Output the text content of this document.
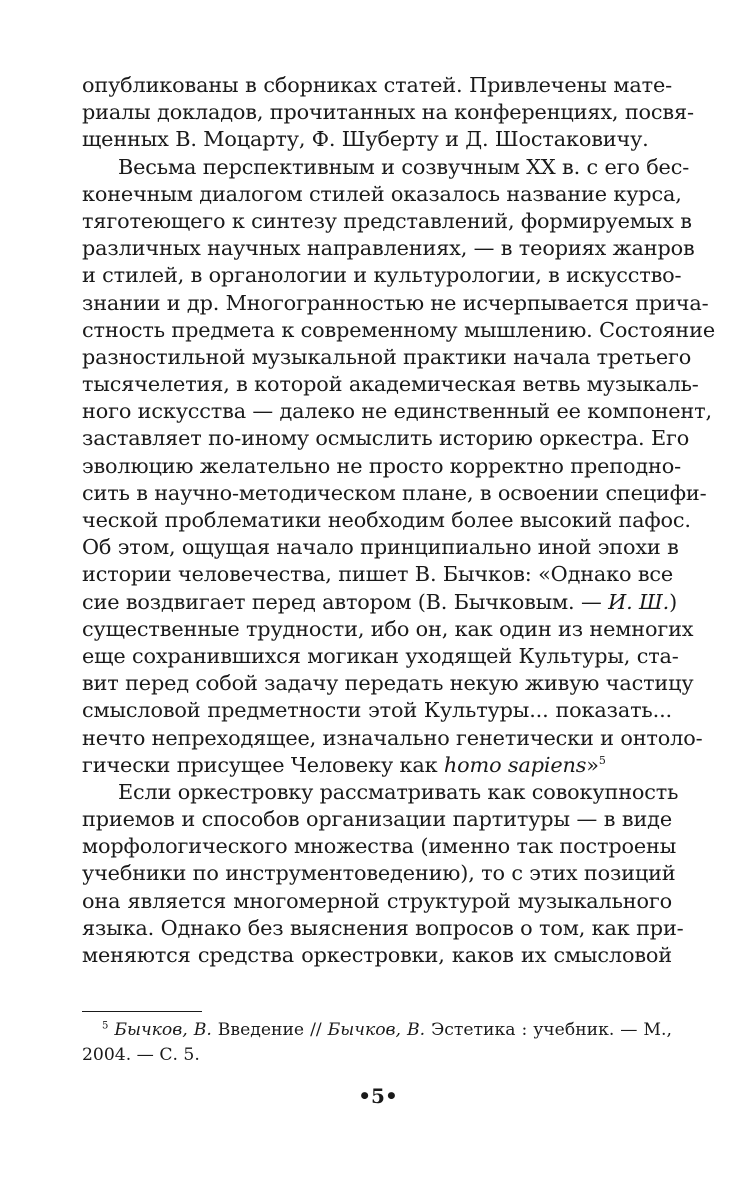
опубликованы в сборниках статей. Привлечены мате-
риалы докладов, прочитанных на конференциях, посвя-
щенных В. Моцарту, Ф. Шуберту и Д. Шостаковичу.
Весьма перспективным и созвучным XX в. с его бес-
конечным диалогом стилей оказалось название курса,
тяготеющего к синтезу представлений, формируемых в
различных научных направлениях, — в теориях жанров
и стилей, в органологии и культурологии, в искусство-
знании и др. Многогранностью не исчерпывается прича-
стность предмета к современному мышлению. Состояние
разностильной музыкальной практики начала третьего
тысячелетия, в которой академическая ветвь музыкаль-
ного искусства — далеко не единственный ее компонент,
заставляет по-иному осмыслить историю оркестра. Его
эволюцию желательно не просто корректно преподно-
сить в научно-методическом плане, в освоении специфи-
ческой проблематики необходим более высокий пафос.
Об этом, ощущая начало принципиально иной эпохи в
истории человечества, пишет В. Бычков: «Однако все
сие воздвигает перед автором (В. Бычковым. — И. Ш.)
существенные трудности, ибо он, как один из немногих
еще сохранившихся могикан уходящей Культуры, ста-
вит перед собой задачу передать некую живую частицу
смысловой предметности этой Культуры... показать...
нечто непреходящее, изначально генетически и онтоло-
гически присущее Человеку как homo sapiens»$^5$
Если оркестровку рассматривать как совокупность
приемов и способов организации партитуры — в виде
морфологического множества (именно так построены
учебники по инструментоведению), то с этих позиций
она является многомерной структурой музыкального
языка. Однако без выяснения вопросов о том, как при-
меняются средства оркестровки, каков их смысловой
$^5$ Бычков, В. Введение // Бычков, В. Эстетика : учебник. — М.,
2004. — С. 5.
•5•
